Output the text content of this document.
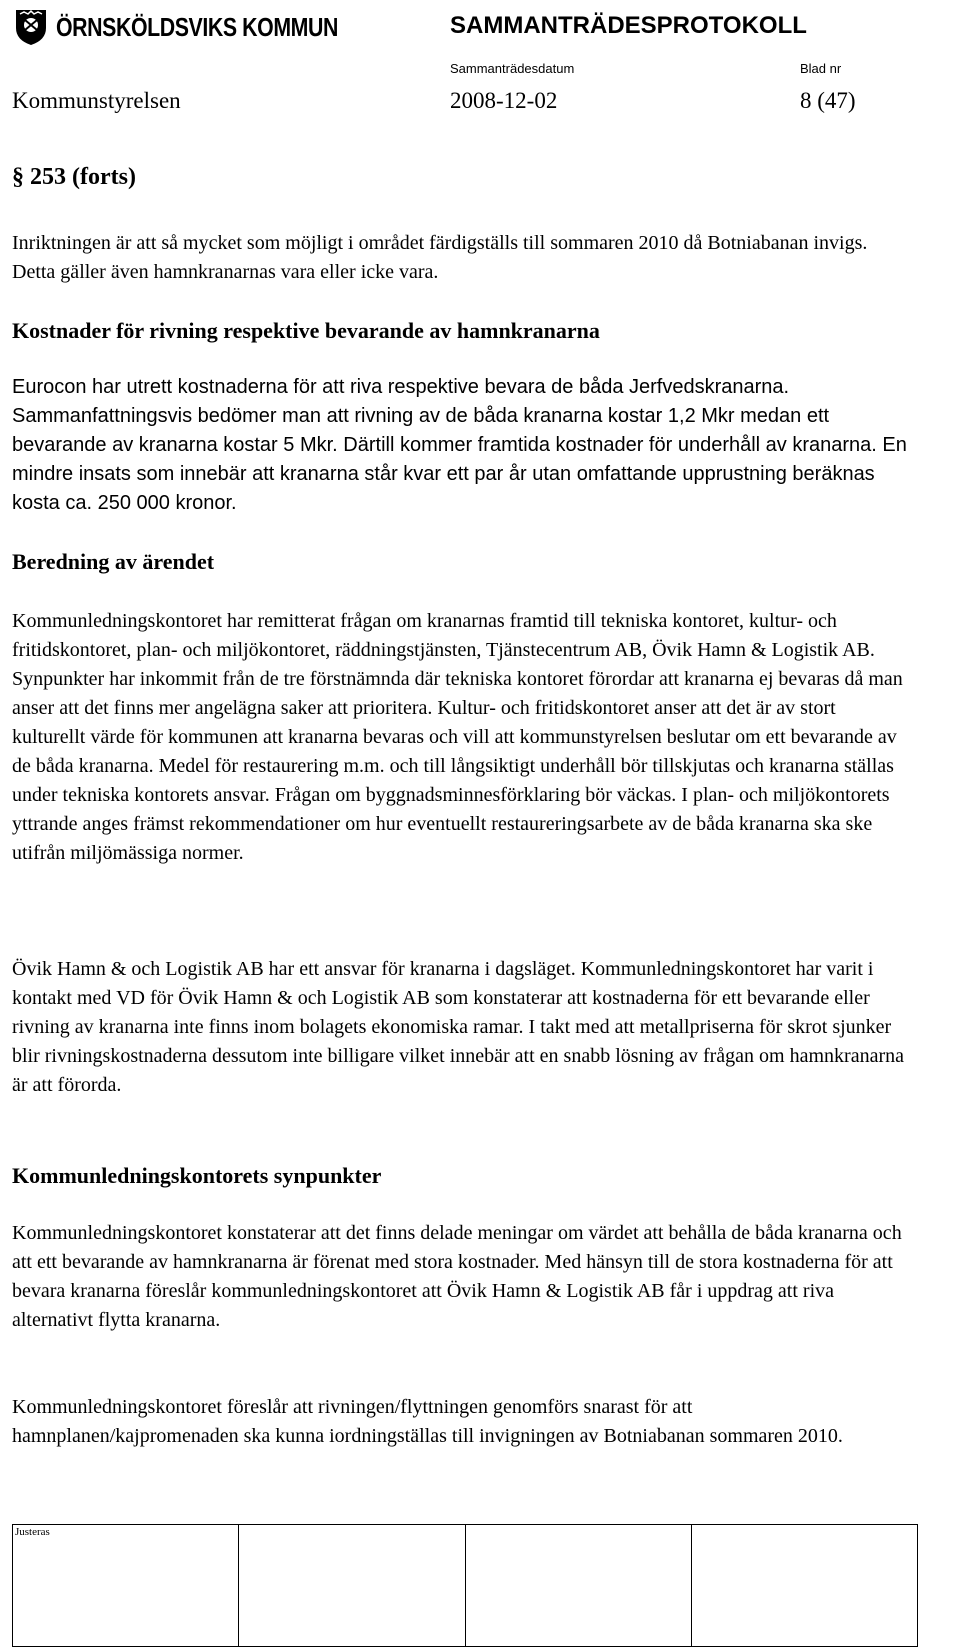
ÖRNSKÖLDSVIKS KOMMUN	SAMMANTRÄDESPROTOKOLL
Sammanträdesdatum	Blad nr
Kommunstyrelsen	2008-12-02	8 (47)
§ 253 (forts)
Inriktningen är att så mycket som möjligt i området färdigställs till sommaren 2010 då Botniabanan invigs. Detta gäller även hamnkranarnas vara eller icke vara.
Kostnader för rivning respektive bevarande av hamnkranarna
Eurocon har utrett kostnaderna för att riva respektive bevara de båda Jerfvedskranarna. Sammanfattningsvis bedömer man att rivning av de båda kranarna kostar 1,2 Mkr medan ett bevarande av kranarna kostar 5 Mkr. Därtill kommer framtida kostnader för underhåll av kranarna. En mindre insats som innebär att kranarna står kvar ett par år utan omfattande upprustning beräknas kosta ca. 250 000 kronor.
Beredning av ärendet
Kommunledningskontoret har remitterat frågan om kranarnas framtid till tekniska kontoret, kultur- och fritidskontoret, plan- och miljökontoret, räddningstjänsten, Tjänstecentrum AB, Övik Hamn & Logistik AB. Synpunkter har inkommit från de tre förstnämnda där tekniska kontoret förordar att kranarna ej bevaras då man anser att det finns mer angelägna saker att prioritera. Kultur- och fritidskontoret anser att det är av stort kulturellt värde för kommunen att kranarna bevaras och vill att kommunstyrelsen beslutar om ett bevarande av de båda kranarna. Medel för restaurering m.m. och till långsiktigt underhåll bör tillskjutas och kranarna ställas under tekniska kontorets ansvar. Frågan om byggnadsminnesförklaring bör väckas. I plan- och miljökontorets yttrande anges främst rekommendationer om hur eventuellt restaureringsarbete av de båda kranarna ska ske utifrån miljömässiga normer.
Övik Hamn & och Logistik AB har ett ansvar för kranarna i dagsläget. Kommunledningskontoret har varit i kontakt med VD för Övik Hamn & och Logistik AB som konstaterar att kostnaderna för ett bevarande eller rivning av kranarna inte finns inom bolagets ekonomiska ramar. I takt med att metallpriserna för skrot sjunker blir rivningskostnaderna dessutom inte billigare vilket innebär att en snabb lösning av frågan om hamnkranarna är att förorda.
Kommunledningskontorets synpunkter
Kommunledningskontoret konstaterar att det finns delade meningar om värdet att behålla de båda kranarna och att ett bevarande av hamnkranarna är förenat med stora kostnader. Med hänsyn till de stora kostnaderna för att bevara kranarna föreslår kommunledningskontoret att Övik Hamn & Logistik AB får i uppdrag att riva alternativt flytta kranarna.
Kommunledningskontoret föreslår att rivningen/flyttningen genomförs snarast för att hamnplanen/kajpromenaden ska kunna iordningställas till invigningen av Botniabanan sommaren 2010.
Justeras
